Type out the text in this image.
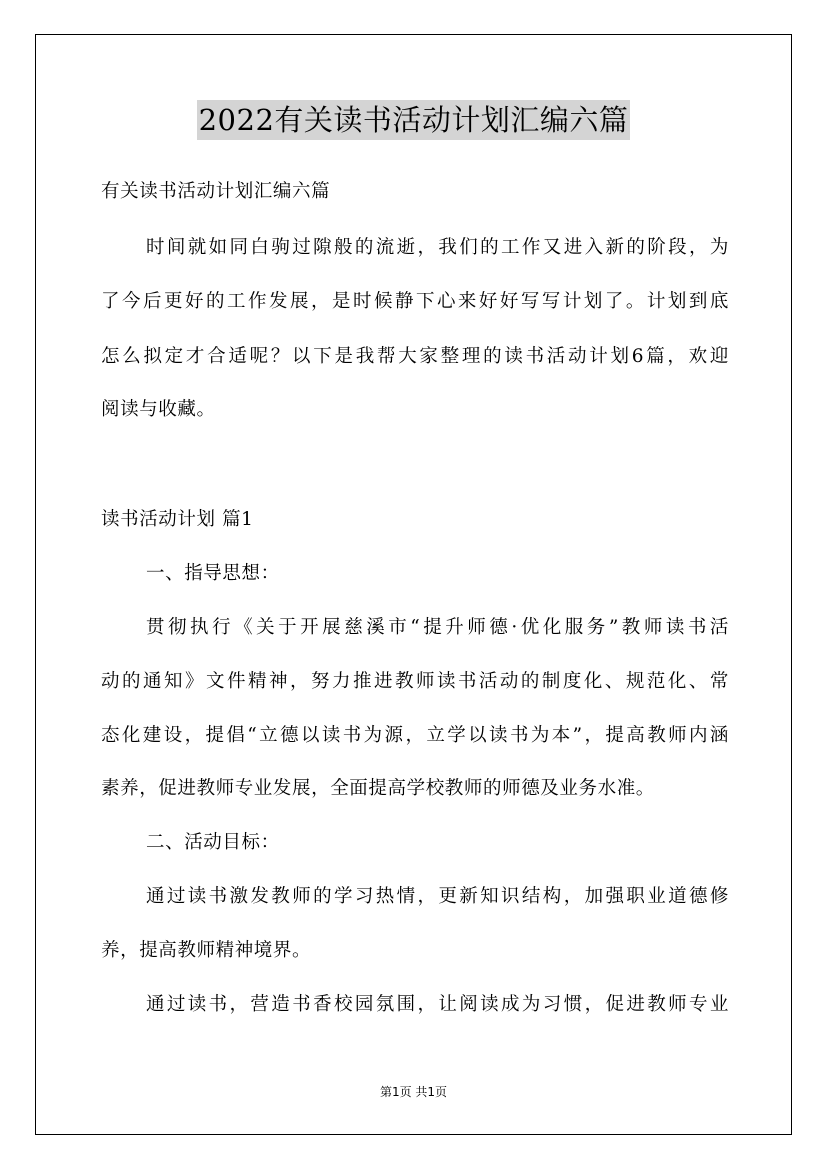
2022有关读书活动计划汇编六篇
有关读书活动计划汇编六篇
时间就如同白驹过隙般的流逝，我们的工作又进入新的阶段，为
了今后更好的工作发展，是时候静下心来好好写写计划了。计划到底
怎么拟定才合适呢？以下是我帮大家整理的读书活动计划6篇，欢迎
阅读与收藏。
读书活动计划 篇1
一、指导思想：
贯彻执行《关于开展慈溪市“提升师德·优化服务”教师读书活
动的通知》文件精神，努力推进教师读书活动的制度化、规范化、常
态化建设，提倡“立德以读书为源，立学以读书为本”，提高教师内涵
素养，促进教师专业发展，全面提高学校教师的师德及业务水准。
二、活动目标：
通过读书激发教师的学习热情，更新知识结构，加强职业道德修
养，提高教师精神境界。
通过读书，营造书香校园氛围，让阅读成为习惯，促进教师专业
第1页 共1页
